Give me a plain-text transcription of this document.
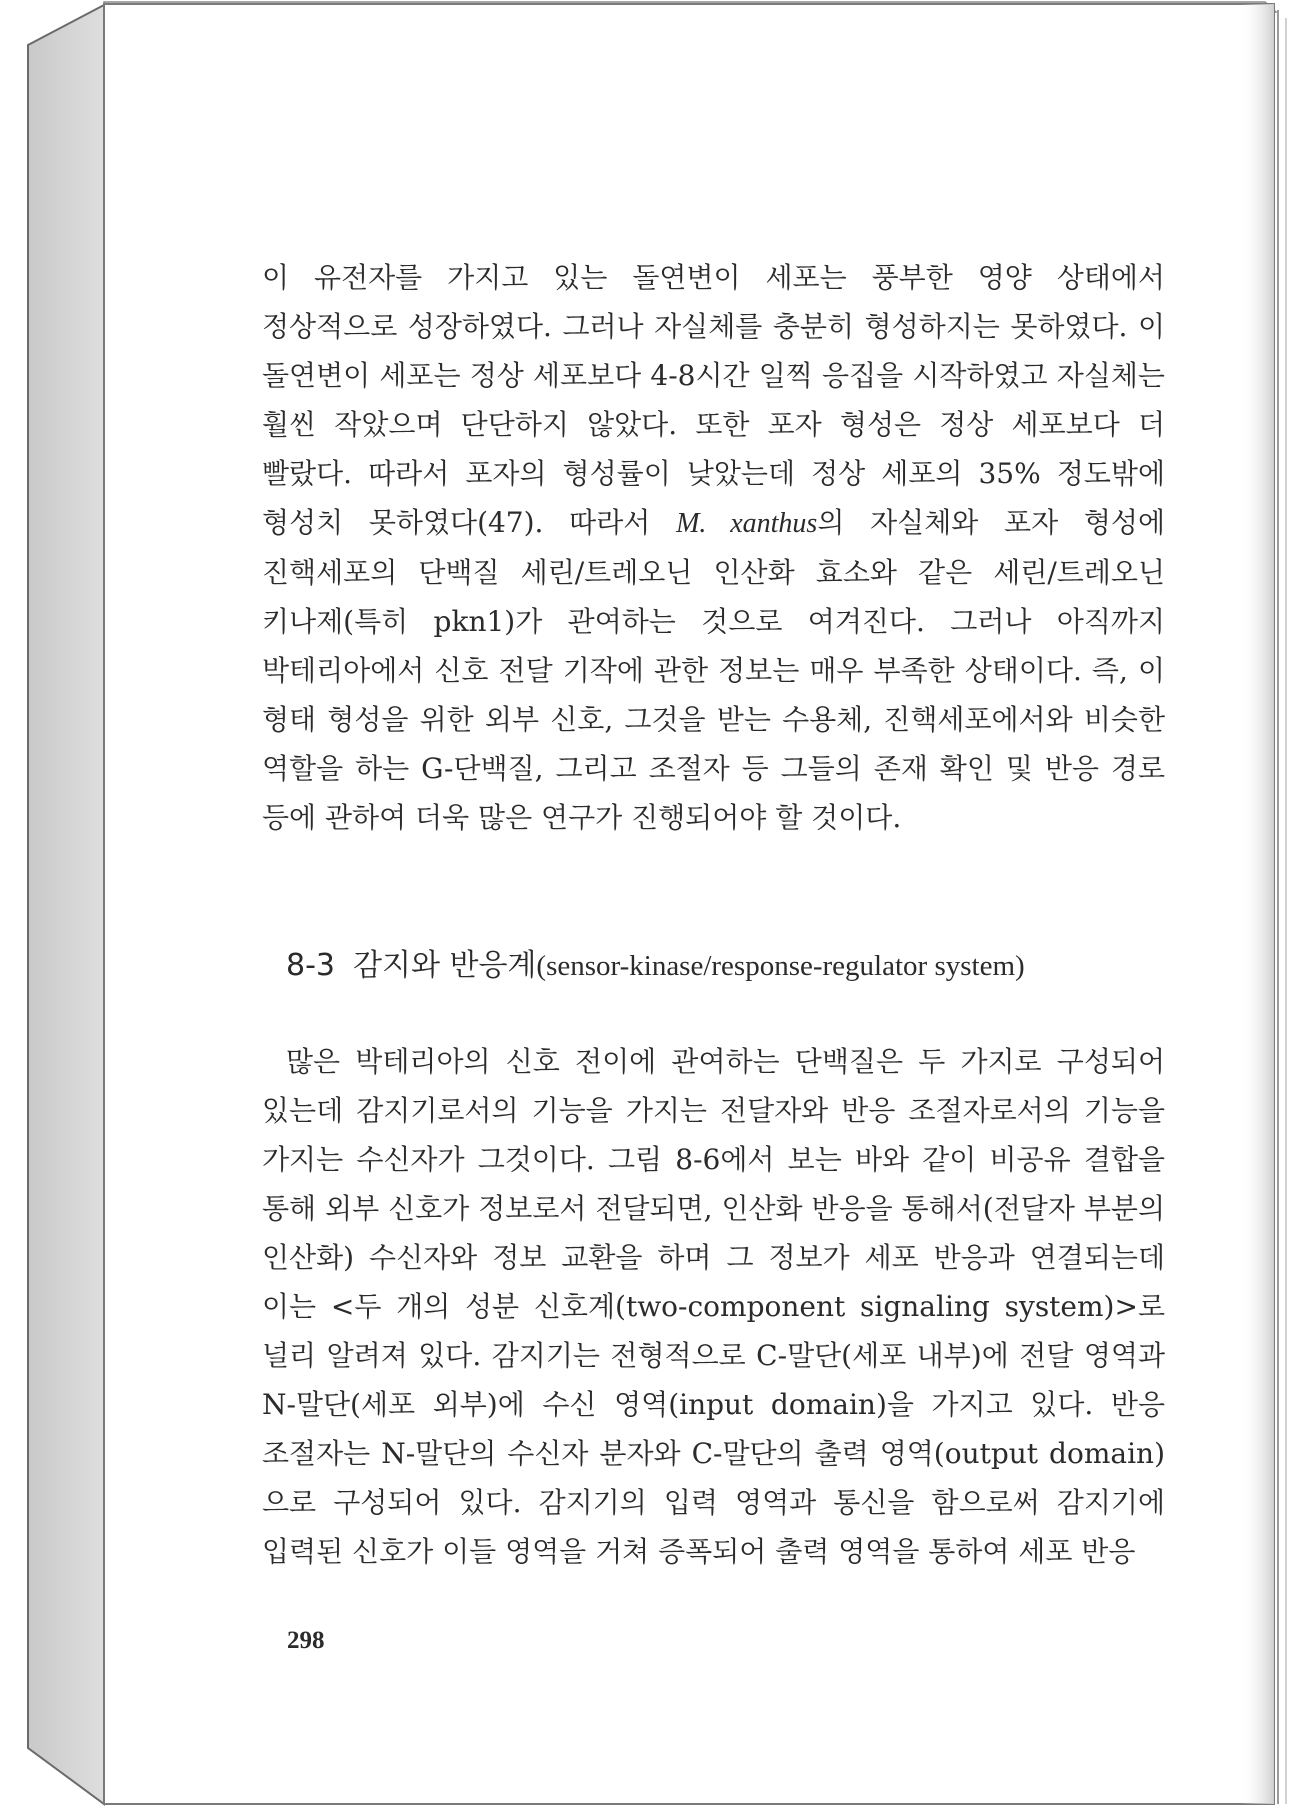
이 유전자를 가지고 있는 돌연변이 세포는 풍부한 영양 상태에서 정상적으로 성장하였다. 그러나 자실체를 충분히 형성하지는 못하였다. 이 돌연변이 세포는 정상 세포보다 4-8시간 일찍 응집을 시작하였고 자실체는 훨씬 작았으며 단단하지 않았다. 또한 포자 형성은 정상 세포보다 더 빨랐다. 따라서 포자의 형성률이 낮았는데 정상 세포의 35% 정도밖에 형성치 못하였다(47). 따라서 M. xanthus의 자실체와 포자 형성에 진핵세포의 단백질 세린/트레오닌 인산화 효소와 같은 세린/트레오닌 키나제(특히 pkn1)가 관여하는 것으로 여겨진다. 그러나 아직까지 박테리아에서 신호 전달 기작에 관한 정보는 매우 부족한 상태이다. 즉, 이 형태 형성을 위한 외부 신호, 그것을 받는 수용체, 진핵세포에서와 비슷한 역할을 하는 G-단백질, 그리고 조절자 등 그들의 존재 확인 및 반응 경로 등에 관하여 더욱 많은 연구가 진행되어야 할 것이다.

8-3 감지와 반응계(sensor-kinase/response-regulator system)

많은 박테리아의 신호 전이에 관여하는 단백질은 두 가지로 구성되어 있는데 감지기로서의 기능을 가지는 전달자와 반응 조절자로서의 기능을 가지는 수신자가 그것이다. 그림 8-6에서 보는 바와 같이 비공유 결합을 통해 외부 신호가 정보로서 전달되면, 인산화 반응을 통해서(전달자 부분의 인산화) 수신자와 정보 교환을 하며 그 정보가 세포 반응과 연결되는데 이는 <두 개의 성분 신호계(two-component signaling system)>로 널리 알려져 있다. 감지기는 전형적으로 C-말단(세포 내부)에 전달 영역과 N-말단(세포 외부)에 수신 영역(input domain)을 가지고 있다. 반응 조절자는 N-말단의 수신자 분자와 C-말단의 출력 영역(output domain)으로 구성되어 있다. 감지기의 입력 영역과 통신을 함으로써 감지기에 입력된 신호가 이들 영역을 거쳐 증폭되어 출력 영역을 통하여 세포 반응

298
